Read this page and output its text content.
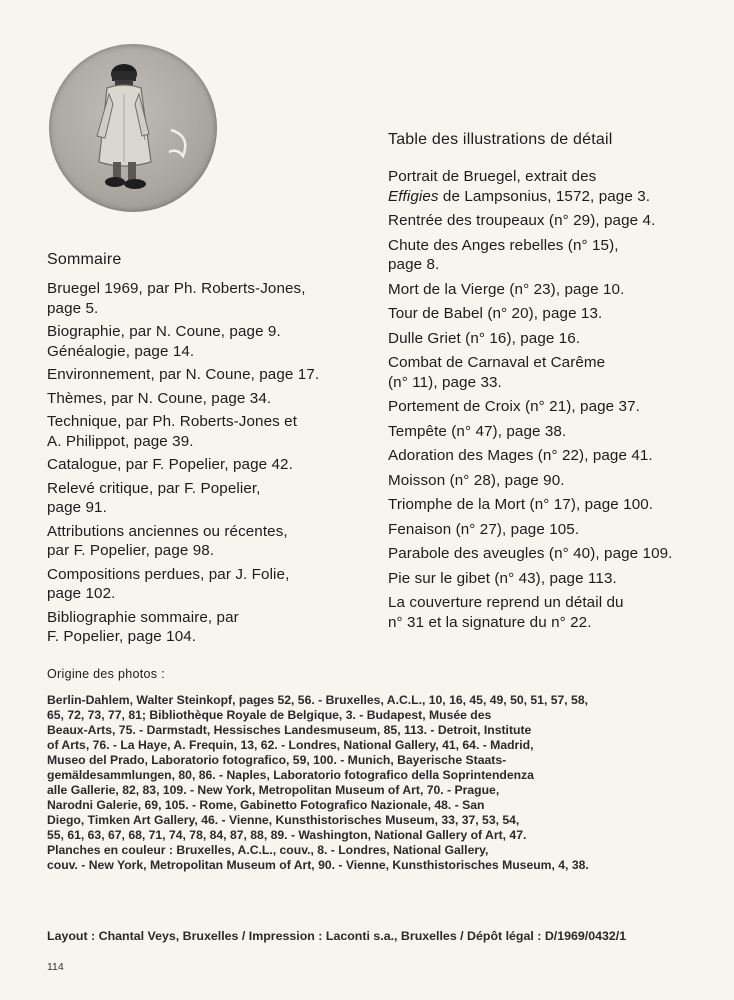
Sommaire

Bruegel 1969, par Ph. Roberts-Jones,
page 5.

Biographie, par N. Coune, page 9.
Généalogie, page 14.

Environnement, par N. Coune, page 17.

Thèmes, par N. Coune, page 34.

Technique, par Ph. Roberts-Jones et
A. Philippot, page 39.

Catalogue, par F. Popelier, page 42.

Relevé critique, par F. Popelier,
page 91.

Attributions anciennes ou récentes,
par F. Popelier, page 98.

Compositions perdues, par J. Folie,
page 102.

Bibliographie sommaire, par
F. Popelier, page 104.

Table des illustrations de détail

Portrait de Bruegel, extrait des
Effigies de Lampsonius, 1572, page 3.

Rentrée des troupeaux (n° 29), page 4.

Chute des Anges rebelles (n° 15),
page 8.

Mort de la Vierge (n° 23), page 10.

Tour de Babel (n° 20), page 13.

Dulle Griet (n° 16), page 16.

Combat de Carnaval et Carême
(n° 11), page 33.

Portement de Croix (n° 21), page 37.

Tempête (n° 47), page 38.

Adoration des Mages (n° 22), page 41.

Moisson (n° 28), page 90.

Triomphe de la Mort (n° 17), page 100.

Fenaison (n° 27), page 105.

Parabole des aveugles (n° 40), page 109.

Pie sur le gibet (n° 43), page 113.

La couverture reprend un détail du
n° 31 et la signature du n° 22.

Origine des photos :
Berlin-Dahlem, Walter Steinkopf, pages 52, 56. - Bruxelles, A.C.L., 10, 16, 45, 49, 50, 51, 57, 58,
65, 72, 73, 77, 81; Bibliothèque Royale de Belgique, 3. - Budapest, Musée des
Beaux-Arts, 75. - Darmstadt, Hessisches Landesmuseum, 85, 113. - Detroit, Institute
of Arts, 76. - La Haye, A. Frequin, 13, 62. - Londres, National Gallery, 41, 64. - Madrid,
Museo del Prado, Laboratorio fotografico, 59, 100. - Munich, Bayerische Staats-
gemäldesammlungen, 80, 86. - Naples, Laboratorio fotografico della Soprintendenza
alle Gallerie, 82, 83, 109. - New York, Metropolitan Museum of Art, 70. - Prague,
Narodni Galerie, 69, 105. - Rome, Gabinetto Fotografico Nazionale, 48. - San
Diego, Timken Art Gallery, 46. - Vienne, Kunsthistorisches Museum, 33, 37, 53, 54,
55, 61, 63, 67, 68, 71, 74, 78, 84, 87, 88, 89. - Washington, National Gallery of Art, 47.
Planches en couleur : Bruxelles, A.C.L., couv., 8. - Londres, National Gallery,
couv. - New York, Metropolitan Museum of Art, 90. - Vienne, Kunsthistorisches Museum, 4, 38.
Layout : Chantal Veys, Bruxelles / Impression : Laconti s.a., Bruxelles / Dépôt légal : D/1969/0432/1
114
